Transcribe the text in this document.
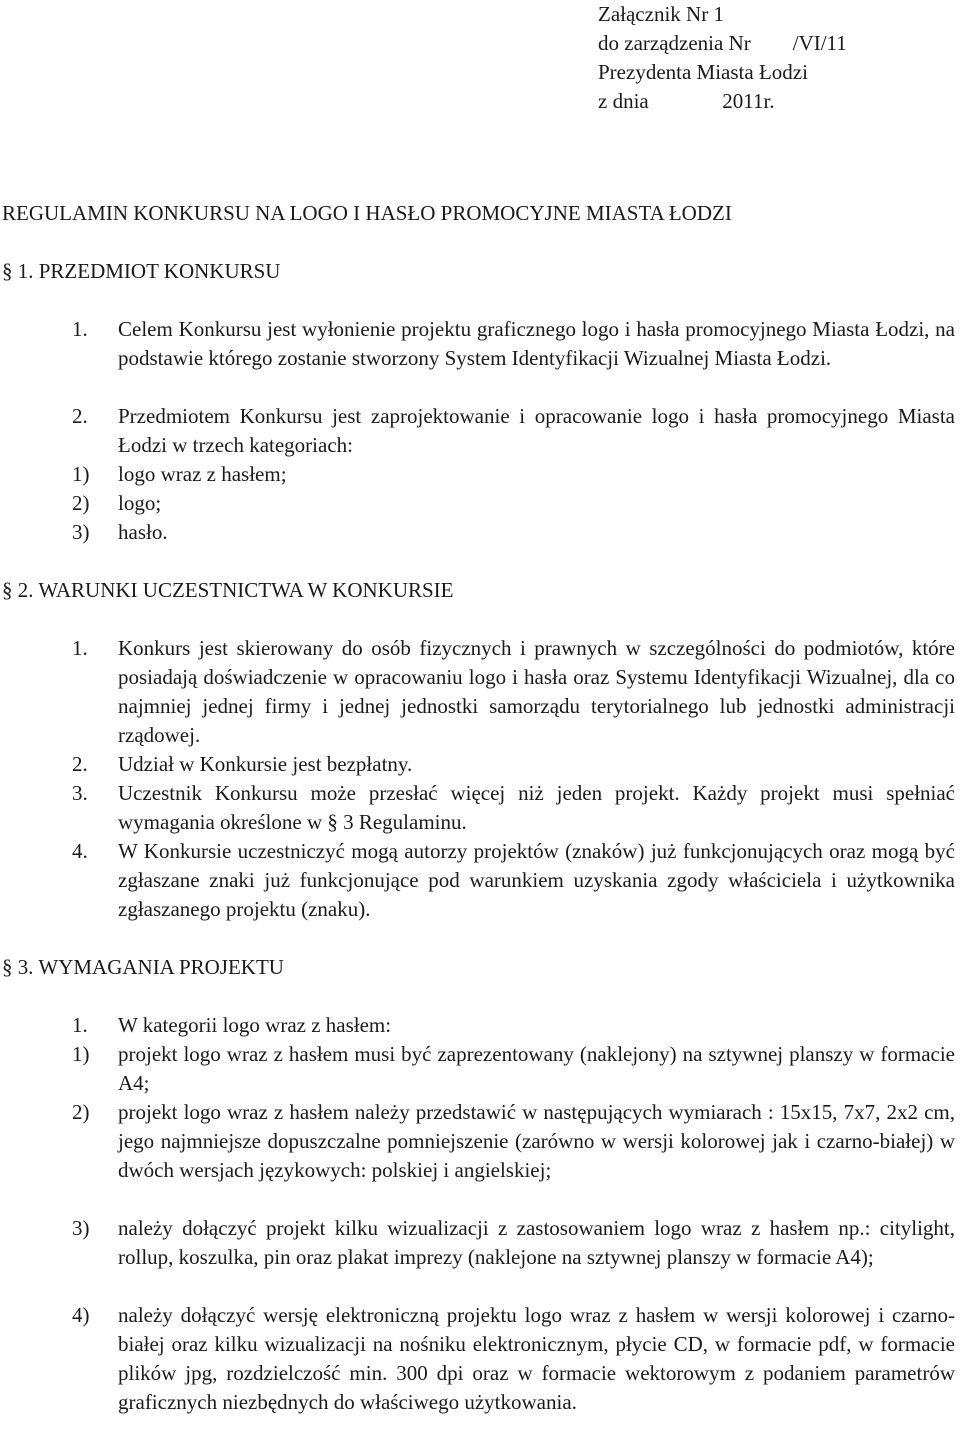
Załącznik Nr 1
do zarządzenia Nr        /VI/11
Prezydenta Miasta Łodzi
z dnia              2011r.
REGULAMIN KONKURSU NA LOGO I HASŁO PROMOCYJNE MIASTA ŁODZI
§ 1. PRZEDMIOT KONKURSU
1.	Celem Konkursu jest wyłonienie projektu graficznego logo i hasła promocyjnego Miasta Łodzi, na podstawie którego zostanie stworzony System Identyfikacji Wizualnej Miasta Łodzi.
2.	Przedmiotem Konkursu jest zaprojektowanie i opracowanie logo i hasła promocyjnego Miasta Łodzi w trzech kategoriach:
1)	logo wraz z hasłem;
2)	logo;
3)	hasło.
§ 2. WARUNKI UCZESTNICTWA W KONKURSIE
1.	Konkurs jest skierowany do osób fizycznych i prawnych w szczególności do podmiotów, które posiadają doświadczenie w opracowaniu logo i hasła oraz Systemu Identyfikacji Wizualnej, dla co najmniej jednej firmy i jednej jednostki samorządu terytorialnego lub jednostki administracji rządowej.
2.	Udział w Konkursie jest bezpłatny.
3.	Uczestnik Konkursu może przesłać więcej niż jeden projekt. Każdy projekt musi spełniać wymagania określone w § 3 Regulaminu.
4.	W Konkursie uczestniczyć mogą autorzy projektów (znaków) już funkcjonujących oraz mogą być zgłaszane znaki już funkcjonujące pod warunkiem uzyskania zgody właściciela i użytkownika zgłaszanego projektu (znaku).
§ 3. WYMAGANIA PROJEKTU
1.	W kategorii logo wraz z hasłem:
1)	projekt logo wraz z hasłem musi być zaprezentowany (naklejony) na sztywnej planszy w formacie A4;
2)	projekt logo wraz z hasłem należy przedstawić w następujących wymiarach : 15x15, 7x7, 2x2 cm, jego najmniejsze dopuszczalne pomniejszenie (zarówno w wersji kolorowej jak i czarno-białej) w dwóch wersjach językowych: polskiej i angielskiej;
3)	należy dołączyć projekt kilku wizualizacji z zastosowaniem logo wraz z hasłem np.: citylight, rollup, koszulka, pin oraz plakat imprezy (naklejone na sztywnej planszy w formacie A4);
4)	należy dołączyć wersję elektroniczną projektu logo wraz z hasłem w wersji kolorowej i czarno-białej oraz kilku wizualizacji na nośniku elektronicznym, płycie CD, w formacie pdf, w formacie plików jpg, rozdzielczość min. 300 dpi oraz w formacie wektorowym z podaniem parametrów graficznych niezbędnych do właściwego użytkowania.
